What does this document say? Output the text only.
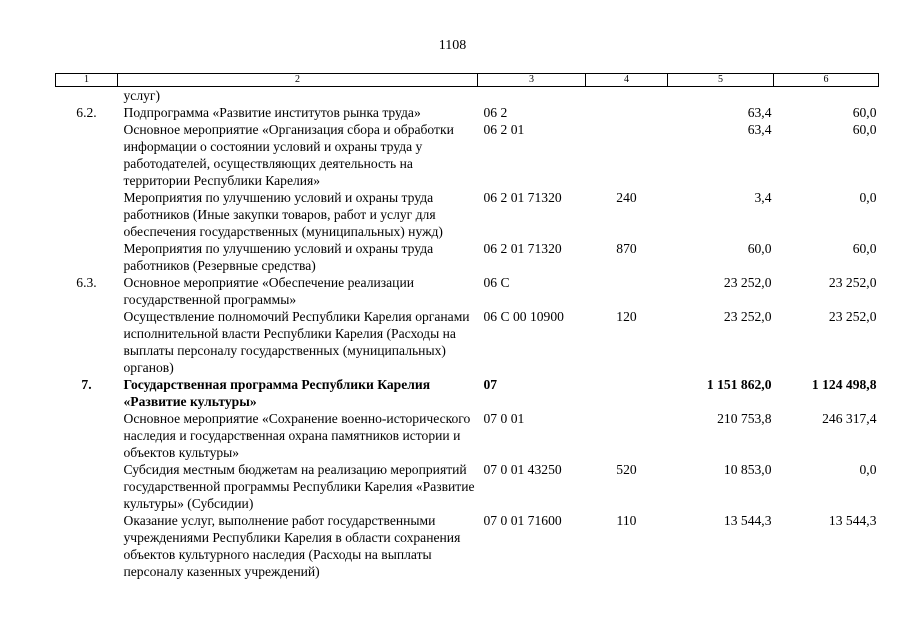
1108
1	2	3	4	5	6
	услуг)				
6.2.	Подпрограмма «Развитие институтов рынка труда»	06 2		63,4	60,0
	Основное мероприятие «Организация сбора и обработки информации о состоянии условий и охраны труда у работодателей, осуществляющих деятельность на территории Республики Карелия»	06 2 01		63,4	60,0
	Мероприятия по улучшению условий и охраны труда работников (Иные закупки товаров, работ и услуг для обеспечения государственных (муниципальных) нужд)	06 2 01 71320	240	3,4	0,0
	Мероприятия по улучшению условий и охраны труда работников (Резервные средства)	06 2 01 71320	870	60,0	60,0
6.3.	Основное мероприятие «Обеспечение реализации государственной программы»	06 С		23 252,0	23 252,0
	Осуществление полномочий Республики Карелия органами исполнительной власти Республики Карелия (Расходы на выплаты персоналу государственных (муниципальных) органов)	06 С 00 10900	120	23 252,0	23 252,0
7.	Государственная программа Республики Карелия «Развитие культуры»	07		1 151 862,0	1 124 498,8
	Основное мероприятие «Сохранение военно-исторического наследия и государственная охрана памятников истории и объектов культуры»	07 0 01		210 753,8	246 317,4
	Субсидия местным бюджетам на реализацию мероприятий государственной программы Республики Карелия «Развитие культуры» (Субсидии)	07 0 01 43250	520	10 853,0	0,0
	Оказание услуг, выполнение работ государственными учреждениями Республики Карелия в области сохранения объектов культурного наследия (Расходы на выплаты персоналу казенных учреждений)	07 0 01 71600	110	13 544,3	13 544,3
